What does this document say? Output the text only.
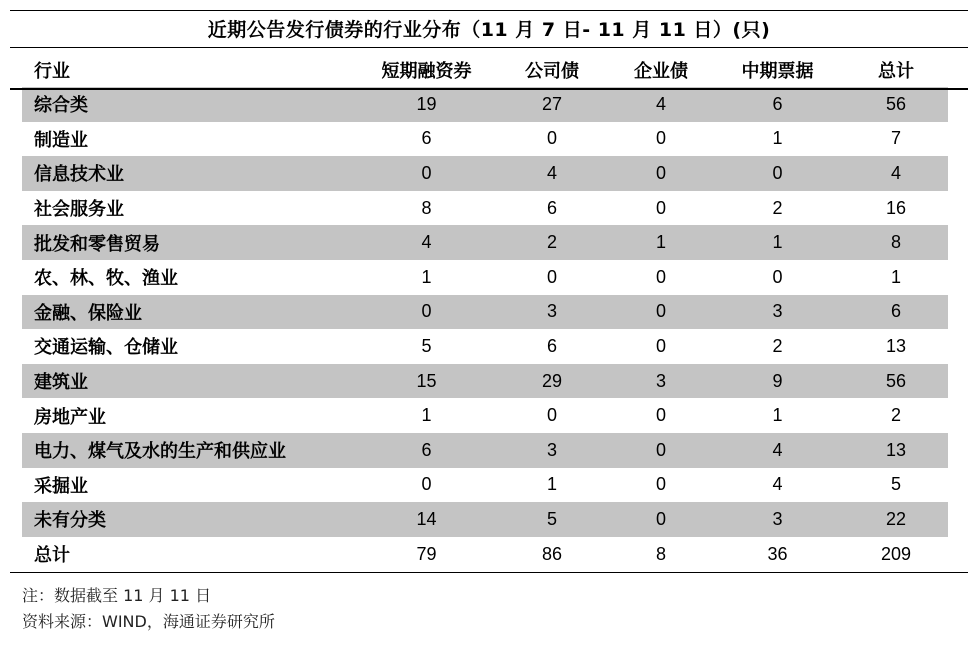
近期公告发行债券的行业分布（11 月 7 日- 11 月 11 日）(只)
行业	短期融资券	公司债	企业债	中期票据	总计
综合类	19	27	4	6	56
制造业	6	0	0	1	7
信息技术业	0	4	0	0	4
社会服务业	8	6	0	2	16
批发和零售贸易	4	2	1	1	8
农、林、牧、渔业	1	0	0	0	1
金融、保险业	0	3	0	3	6
交通运输、仓储业	5	6	0	2	13
建筑业	15	29	3	9	56
房地产业	1	0	0	1	2
电力、煤气及水的生产和供应业	6	3	0	4	13
采掘业	0	1	0	4	5
未有分类	14	5	0	3	22
总计	79	86	8	36	209
注：数据截至 11 月 11 日
资料来源：WIND，海通证券研究所
